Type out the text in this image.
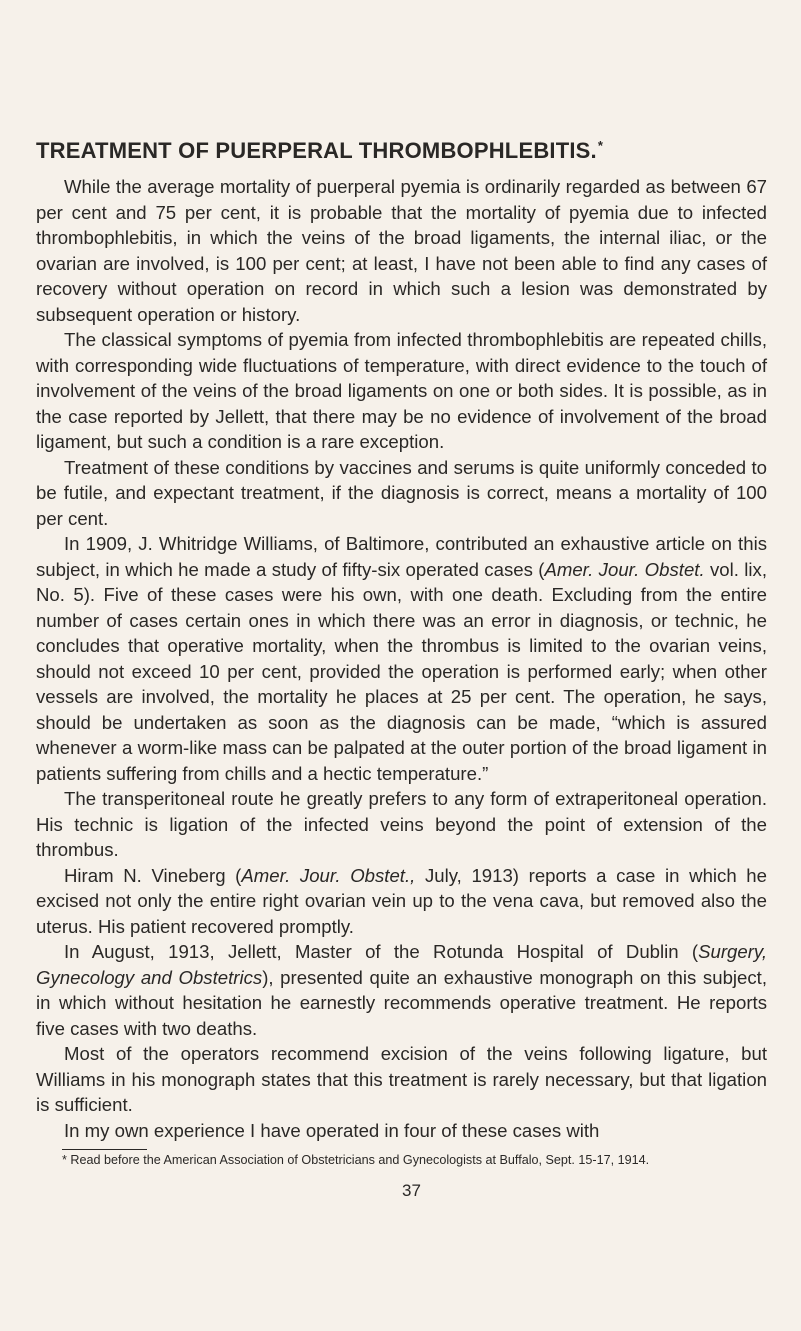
TREATMENT OF PUERPERAL THROMBOPHLEBITIS.*

While the average mortality of puerperal pyemia is ordinarily regarded as between 67 per cent and 75 per cent, it is probable that the mortality of pyemia due to infected thrombophlebitis, in which the veins of the broad ligaments, the internal iliac, or the ovarian are involved, is 100 per cent; at least, I have not been able to find any cases of recovery without operation on record in which such a lesion was demonstrated by subsequent operation or history.

The classical symptoms of pyemia from infected thrombophlebitis are repeated chills, with corresponding wide fluctuations of temperature, with direct evidence to the touch of involvement of the veins of the broad ligaments on one or both sides. It is possible, as in the case reported by Jellett, that there may be no evidence of involvement of the broad ligament, but such a condition is a rare exception.

Treatment of these conditions by vaccines and serums is quite uniformly conceded to be futile, and expectant treatment, if the diagnosis is correct, means a mortality of 100 per cent.

In 1909, J. Whitridge Williams, of Baltimore, contributed an exhaustive article on this subject, in which he made a study of fifty-six operated cases (Amer. Jour. Obstet. vol. lix, No. 5). Five of these cases were his own, with one death. Excluding from the entire number of cases certain ones in which there was an error in diagnosis, or technic, he concludes that operative mortality, when the thrombus is limited to the ovarian veins, should not exceed 10 per cent, provided the operation is performed early; when other vessels are involved, the mortality he places at 25 per cent. The operation, he says, should be undertaken as soon as the diagnosis can be made, “which is assured whenever a worm-like mass can be palpated at the outer portion of the broad ligament in patients suffering from chills and a hectic temperature.”

The transperitoneal route he greatly prefers to any form of extraperitoneal operation. His technic is ligation of the infected veins beyond the point of extension of the thrombus.

Hiram N. Vineberg (Amer. Jour. Obstet., July, 1913) reports a case in which he excised not only the entire right ovarian vein up to the vena cava, but removed also the uterus. His patient recovered promptly.

In August, 1913, Jellett, Master of the Rotunda Hospital of Dublin (Surgery, Gynecology and Obstetrics), presented quite an exhaustive monograph on this subject, in which without hesitation he earnestly recommends operative treatment. He reports five cases with two deaths.

Most of the operators recommend excision of the veins following ligature, but Williams in his monograph states that this treatment is rarely necessary, but that ligation is sufficient.

In my own experience I have operated in four of these cases with

* Read before the American Association of Obstetricians and Gynecologists at Buffalo, Sept. 15-17, 1914.

37
